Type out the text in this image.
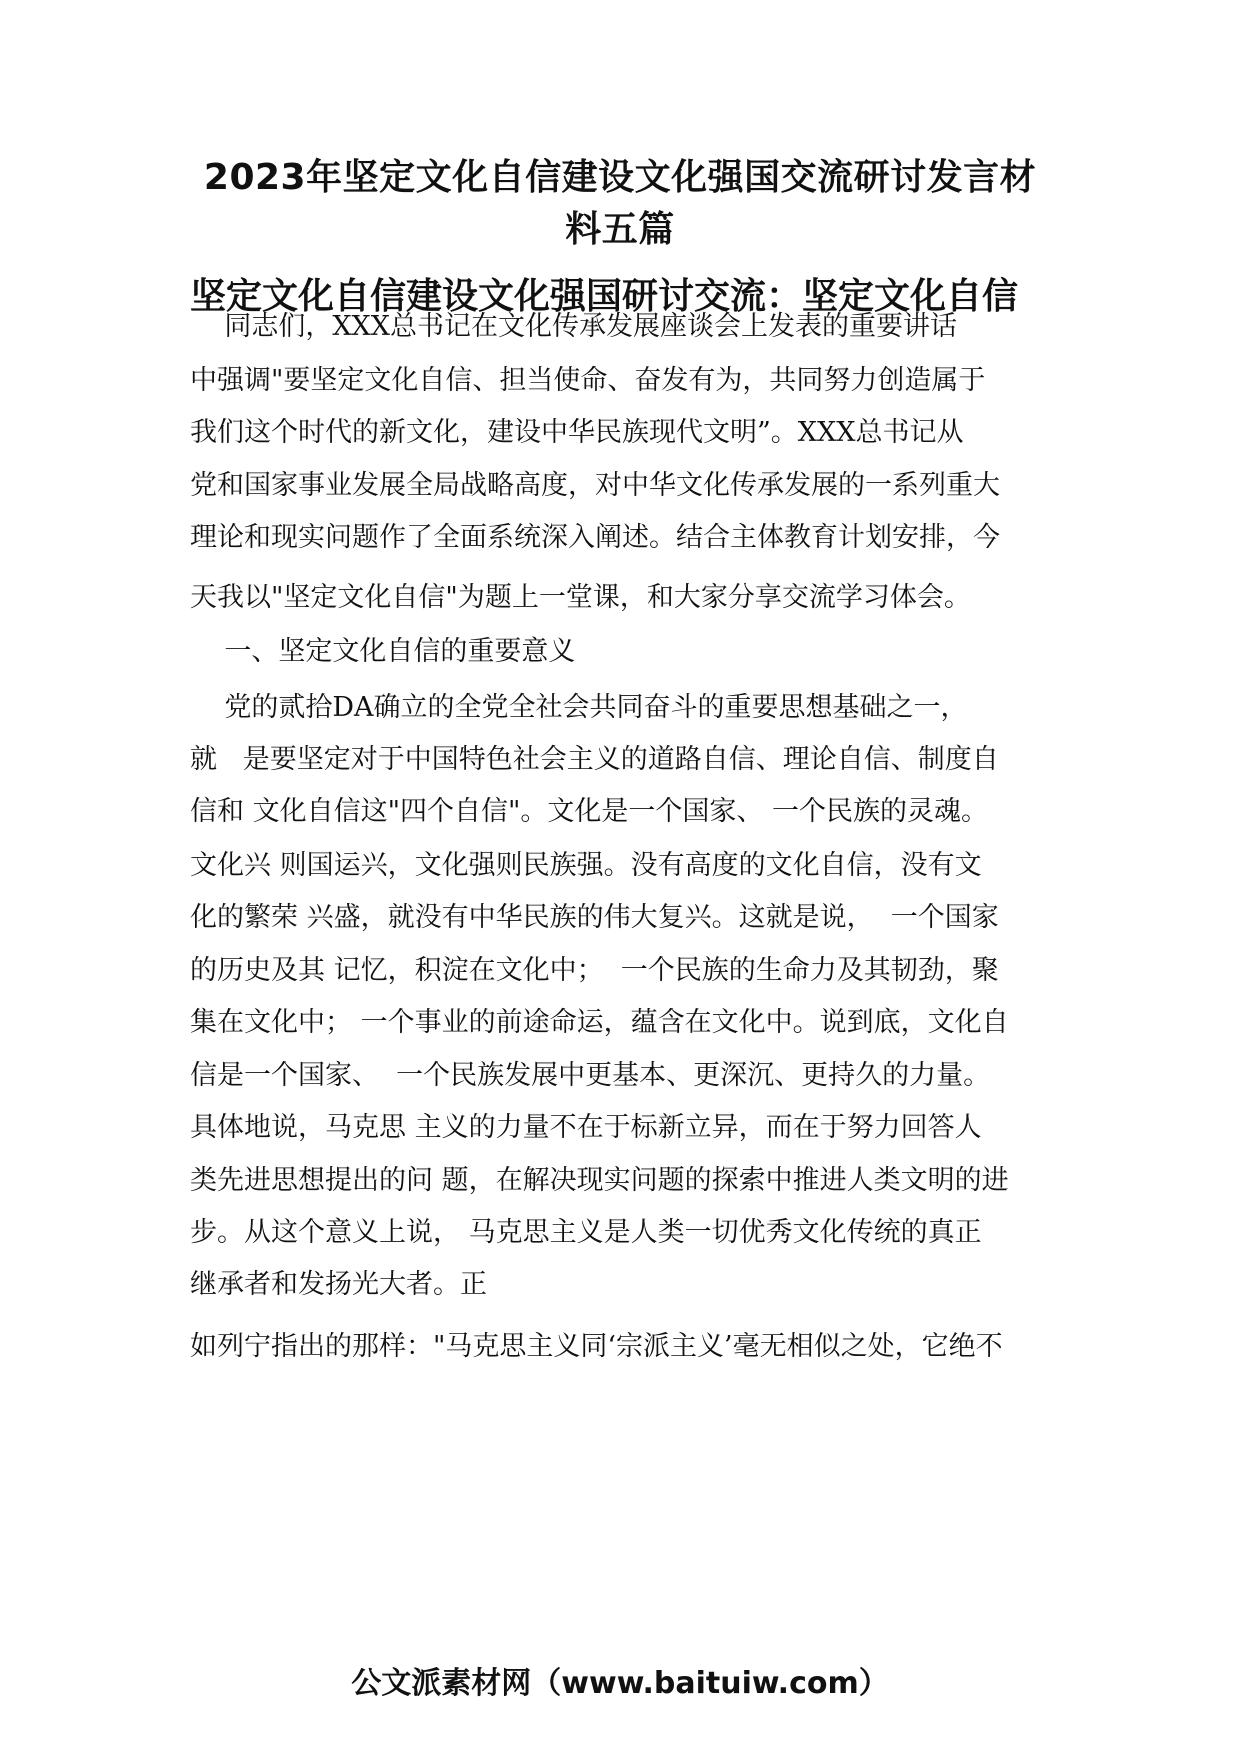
2023年坚定文化自信建设文化强国交流研讨发言材
料五篇
坚定文化自信建设文化强国研讨交流：坚定文化自信
同志们，XXX总书记在文化传承发展座谈会上发表的重要讲话
中强调"要坚定文化自信、担当使命、奋发有为，共同努力创造属于
我们这个时代的新文化，建设中华民族现代文明”。XXX总书记从
党和国家事业发展全局战略高度，对中华文化传承发展的一系列重大
理论和现实问题作了全面系统深入阐述。结合主体教育计划安排，今
天我以"坚定文化自信"为题上一堂课，和大家分享交流学习体会。
一、坚定文化自信的重要意义
党的贰拾DA确立的全党全社会共同奋斗的重要思想基础之一，
就   是要坚定对于中国特色社会主义的道路自信、理论自信、制度自
信和 文化自信这"四个自信"。文化是一个国家、 一个民族的灵魂。
文化兴 则国运兴，文化强则民族强。没有高度的文化自信，没有文
化的繁荣 兴盛，就没有中华民族的伟大复兴。这就是说，  一个国家
的历史及其 记忆，积淀在文化中；  一个民族的生命力及其韧劲，聚
集在文化中； 一个事业的前途命运，蕴含在文化中。说到底，文化自
信是一个国家、  一个民族发展中更基本、更深沉、更持久的力量。
具体地说，马克思 主义的力量不在于标新立异，而在于努力回答人
类先进思想提出的问 题，在解决现实问题的探索中推进人类文明的进
步。从这个意义上说， 马克思主义是人类一切优秀文化传统的真正
继承者和发扬光大者。正
如列宁指出的那样："马克思主义同‘宗派主义’毫无相似之处，它绝不
公文派素材网（www.baituiw.com）
